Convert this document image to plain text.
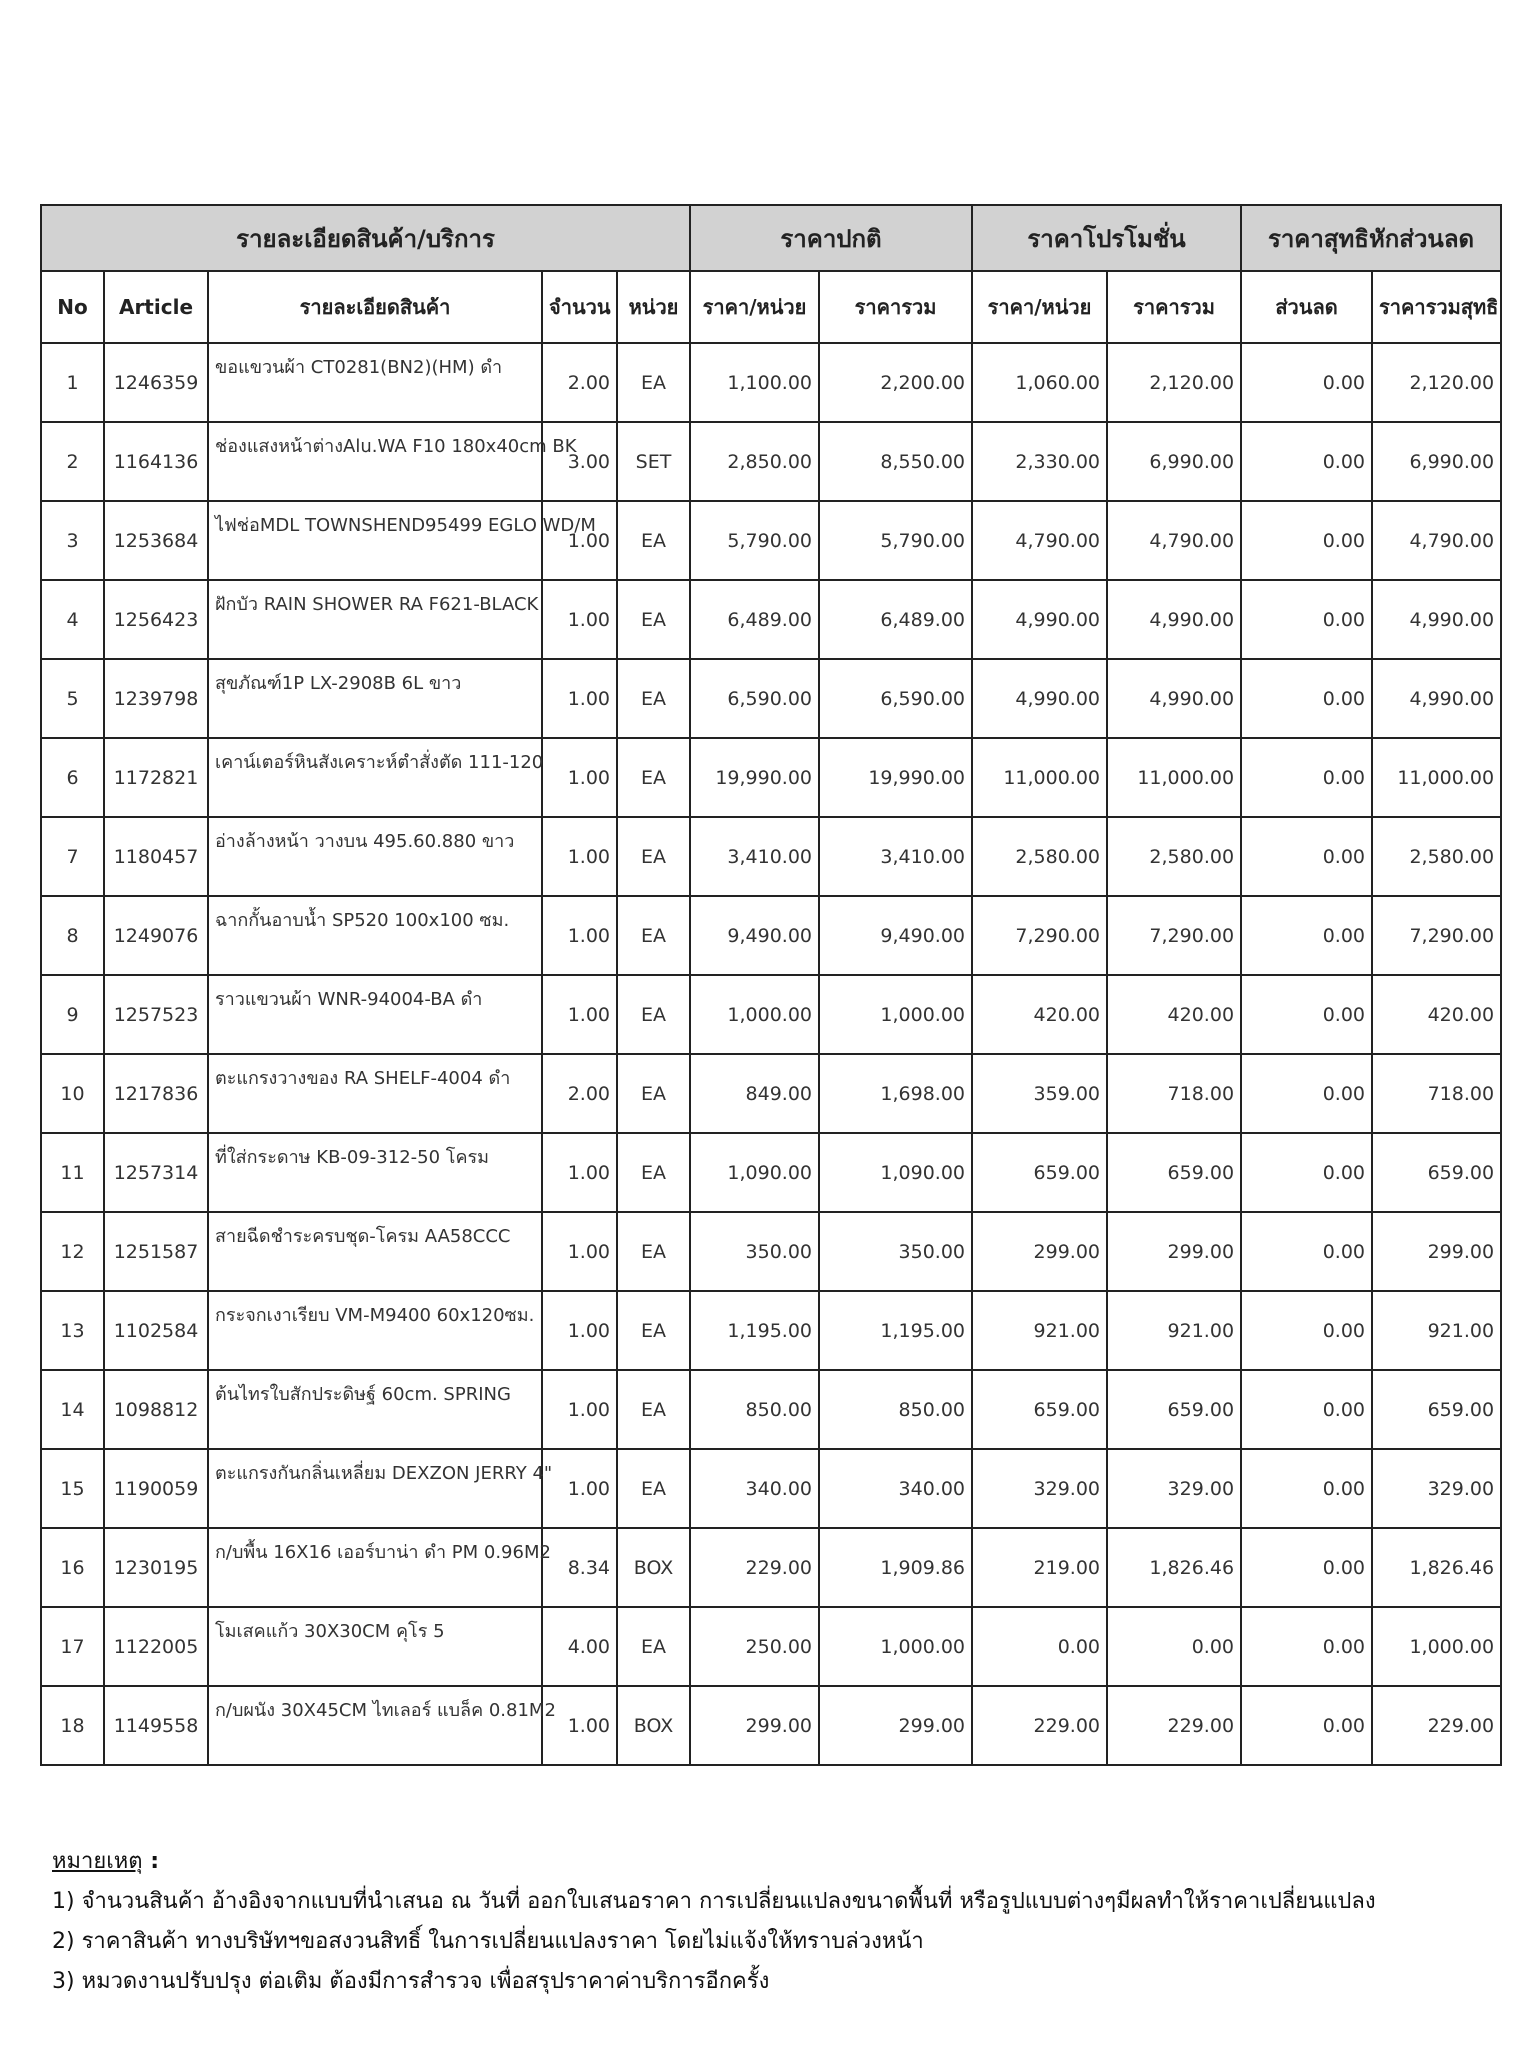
รายละเอียดสินค้า/บริการ					ราคาปกติ		ราคาโปรโมชั่น		ราคาสุทธิหักส่วนลด	
No	Article	รายละเอียดสินค้า	จำนวน	หน่วย	ราคา/หน่วย	ราคารวม	ราคา/หน่วย	ราคารวม	ส่วนลด	ราคารวมสุทธิ
1	1246359	ขอแขวนผ้า CT0281(BN2)(HM) ดำ	2.00	EA	1,100.00	2,200.00	1,060.00	2,120.00	0.00	2,120.00
2	1164136	ช่องแสงหน้าต่างAlu.WA F10 180x40cm BK	3.00	SET	2,850.00	8,550.00	2,330.00	6,990.00	0.00	6,990.00
3	1253684	ไฟช่อMDL TOWNSHEND95499 EGLO WD/M	1.00	EA	5,790.00	5,790.00	4,790.00	4,790.00	0.00	4,790.00
4	1256423	ฝักบัว RAIN SHOWER RA F621-BLACK	1.00	EA	6,489.00	6,489.00	4,990.00	4,990.00	0.00	4,990.00
5	1239798	สุขภัณฑ์1P LX-2908B 6L ขาว	1.00	EA	6,590.00	6,590.00	4,990.00	4,990.00	0.00	4,990.00
6	1172821	เคาน์เตอร์หินสังเคราะห์ตำสั่งตัด 111-120	1.00	EA	19,990.00	19,990.00	11,000.00	11,000.00	0.00	11,000.00
7	1180457	อ่างล้างหน้า วางบน 495.60.880 ขาว	1.00	EA	3,410.00	3,410.00	2,580.00	2,580.00	0.00	2,580.00
8	1249076	ฉากกั้นอาบน้ำ SP520 100x100 ซม.	1.00	EA	9,490.00	9,490.00	7,290.00	7,290.00	0.00	7,290.00
9	1257523	ราวแขวนผ้า WNR-94004-BA ดำ	1.00	EA	1,000.00	1,000.00	420.00	420.00	0.00	420.00
10	1217836	ตะแกรงวางของ RA SHELF-4004 ดำ	2.00	EA	849.00	1,698.00	359.00	718.00	0.00	718.00
11	1257314	ที่ใส่กระดาษ KB-09-312-50 โครม	1.00	EA	1,090.00	1,090.00	659.00	659.00	0.00	659.00
12	1251587	สายฉีดชำระครบชุด-โครม AA58CCC	1.00	EA	350.00	350.00	299.00	299.00	0.00	299.00
13	1102584	กระจกเงาเรียบ VM-M9400 60x120ซม.	1.00	EA	1,195.00	1,195.00	921.00	921.00	0.00	921.00
14	1098812	ต้นไทรใบสักประดิษฐ์ 60cm. SPRING	1.00	EA	850.00	850.00	659.00	659.00	0.00	659.00
15	1190059	ตะแกรงกันกลิ่นเหลี่ยม DEXZON JERRY 4"	1.00	EA	340.00	340.00	329.00	329.00	0.00	329.00
16	1230195	ก/บพื้น 16X16 เออร์บาน่า ดำ PM 0.96M2	8.34	BOX	229.00	1,909.86	219.00	1,826.46	0.00	1,826.46
17	1122005	โมเสคแก้ว 30X30CM คุโร 5	4.00	EA	250.00	1,000.00	0.00	0.00	0.00	1,000.00
18	1149558	ก/บผนัง 30X45CM ไทเลอร์ แบล็ค 0.81M2	1.00	BOX	299.00	299.00	229.00	229.00	0.00	229.00

หมายเหตุ :

1) จำนวนสินค้า อ้างอิงจากแบบที่นำเสนอ ณ วันที่ ออกใบเสนอราคา การเปลี่ยนแปลงขนาดพื้นที่ หรือรูปแบบต่างๆมีผลทำให้ราคาเปลี่ยนแปลง

2) ราคาสินค้า ทางบริษัทฯขอสงวนสิทธิ์ ในการเปลี่ยนแปลงราคา โดยไม่แจ้งให้ทราบล่วงหน้า

3) หมวดงานปรับปรุง ต่อเติม ต้องมีการสำรวจ เพื่อสรุปราคาค่าบริการอีกครั้ง
